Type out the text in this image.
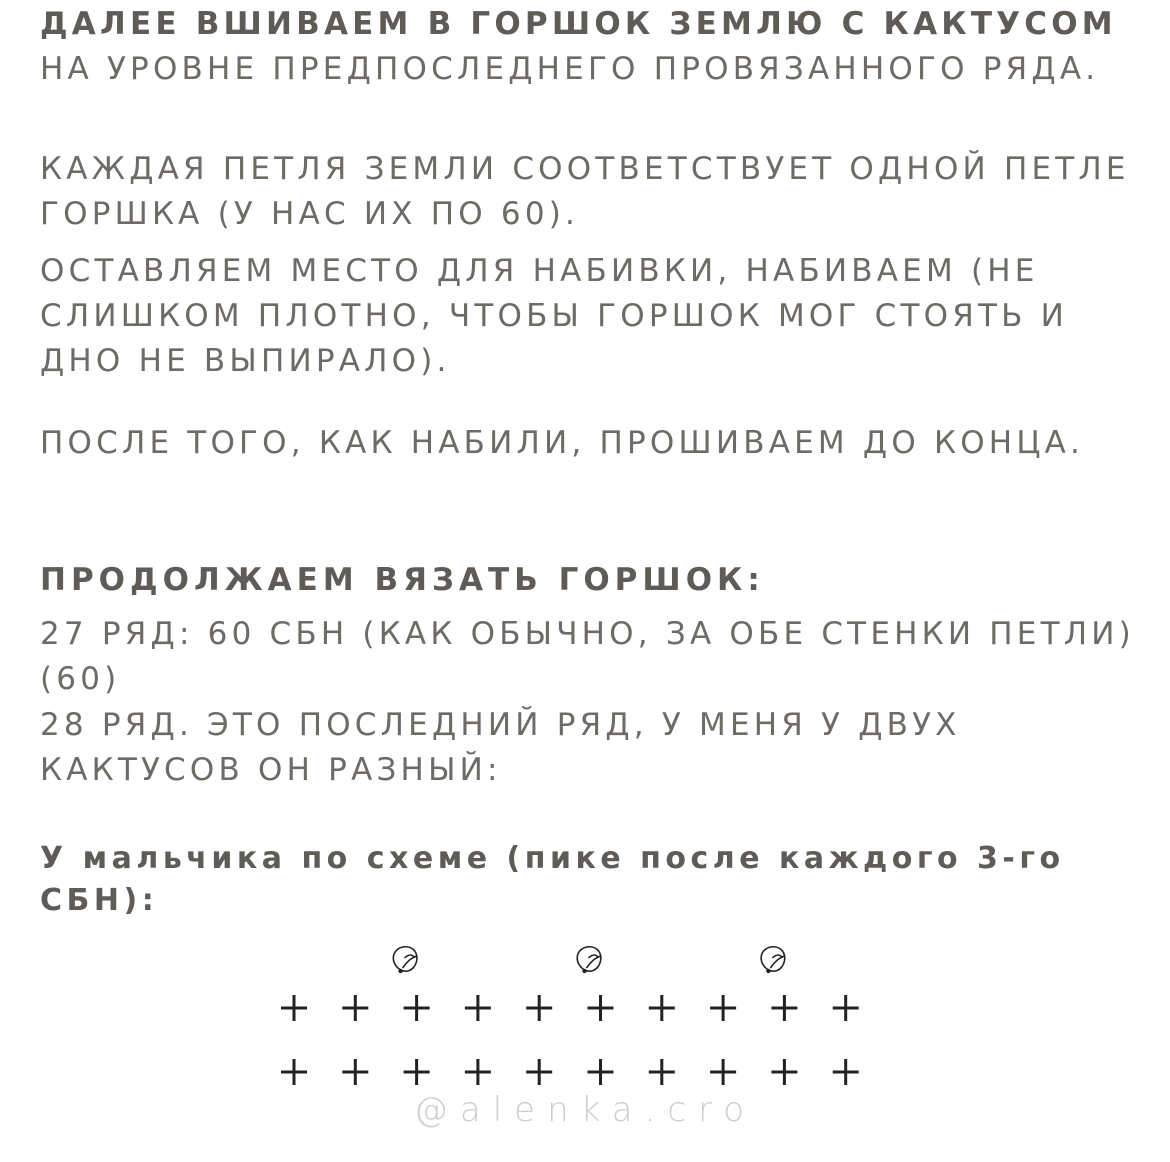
ДАЛЕЕ ВШИВАЕМ В ГОРШОК ЗЕМЛЮ С КАКТУСОМ НА УРОВНЕ ПРЕДПОСЛЕДНЕГО ПРОВЯЗАННОГО РЯДА.

КАЖДАЯ ПЕТЛЯ ЗЕМЛИ СООТВЕТСТВУЕТ ОДНОЙ ПЕТЛЕ ГОРШКА (У НАС ИХ ПО 60).

ОСТАВЛЯЕМ МЕСТО ДЛЯ НАБИВКИ, НАБИВАЕМ (НЕ СЛИШКОМ ПЛОТНО, ЧТОБЫ ГОРШОК МОГ СТОЯТЬ И ДНО НЕ ВЫПИРАЛО).

ПОСЛЕ ТОГО, КАК НАБИЛИ, ПРОШИВАЕМ ДО КОНЦА.

ПРОДОЛЖАЕМ ВЯЗАТЬ ГОРШОК:

27 РЯД: 60 СБН (КАК ОБЫЧНО, ЗА ОБЕ СТЕНКИ ПЕТЛИ) (60)

28 РЯД. ЭТО ПОСЛЕДНИЙ РЯД, У МЕНЯ У ДВУХ КАКТУСОВ ОН РАЗНЫЙ:

У мальчика по схеме (пике после каждого 3-го СБН):

@alenka.cro
